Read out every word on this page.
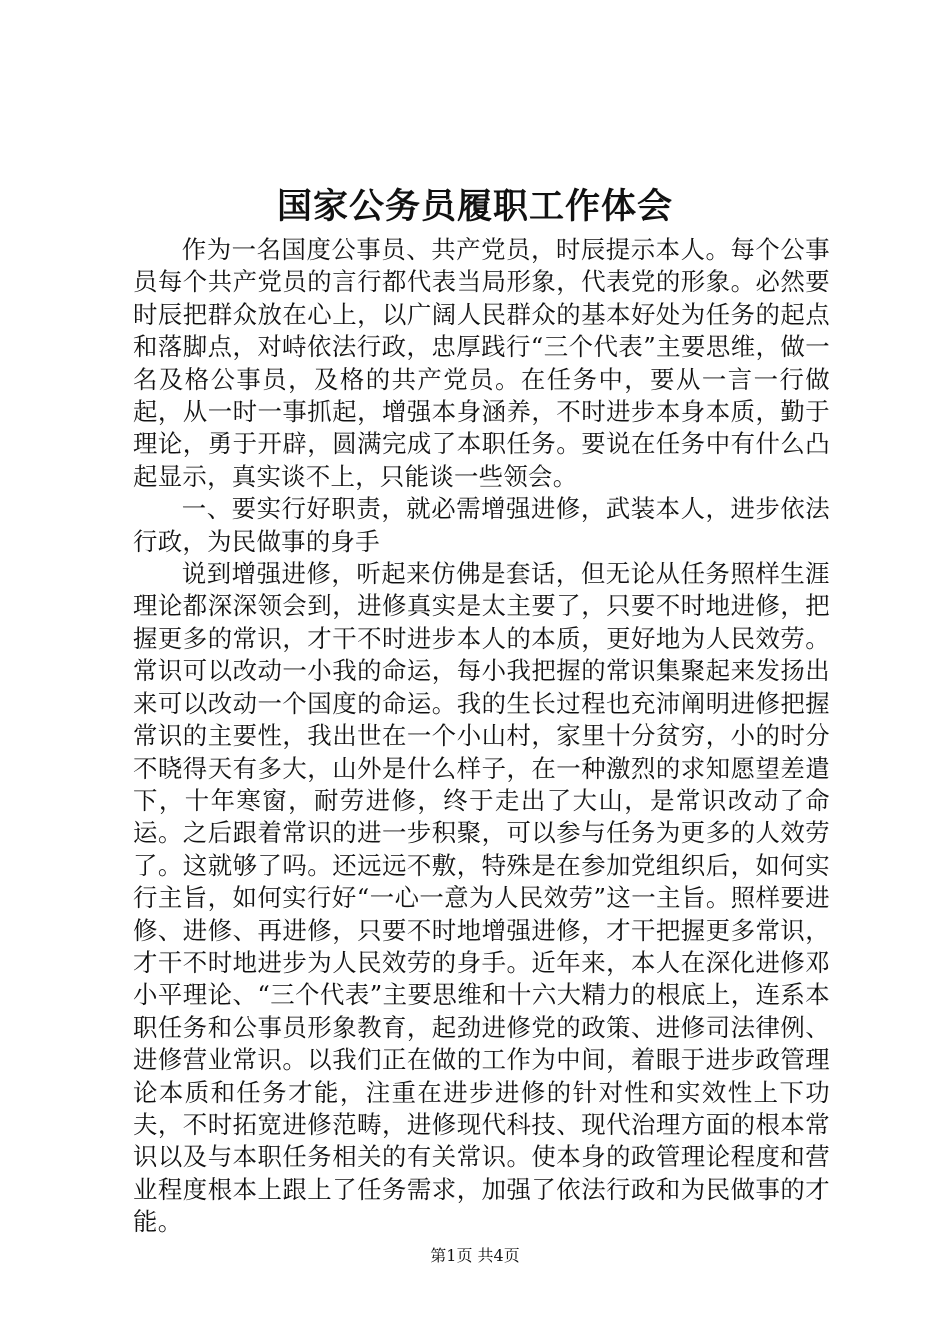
国家公务员履职工作体会

作为一名国度公事员、共产党员，时辰提示本人。每个公事员每个共产党员的言行都代表当局形象，代表党的形象。必然要时辰把群众放在心上，以广阔人民群众的基本好处为任务的起点和落脚点，对峙依法行政，忠厚践行“三个代表”主要思维，做一名及格公事员，及格的共产党员。在任务中，要从一言一行做起，从一时一事抓起，增强本身涵养，不时进步本身本质，勤于理论，勇于开辟，圆满完成了本职任务。要说在任务中有什么凸起显示，真实谈不上，只能谈一些领会。

一、要实行好职责，就必需增强进修，武装本人，进步依法行政，为民做事的身手

说到增强进修，听起来仿佛是套话，但无论从任务照样生涯理论都深深领会到，进修真实是太主要了，只要不时地进修，把握更多的常识，才干不时进步本人的本质，更好地为人民效劳。常识可以改动一小我的命运，每小我把握的常识集聚起来发扬出来可以改动一个国度的命运。我的生长过程也充沛阐明进修把握常识的主要性，我出世在一个小山村，家里十分贫穷，小的时分不晓得天有多大，山外是什么样子，在一种激烈的求知愿望差遣下，十年寒窗，耐劳进修，终于走出了大山，是常识改动了命运。之后跟着常识的进一步积聚，可以参与任务为更多的人效劳了。这就够了吗。还远远不敷，特殊是在参加党组织后，如何实行主旨，如何实行好“一心一意为人民效劳”这一主旨。照样要进修、进修、再进修，只要不时地增强进修，才干把握更多常识，才干不时地进步为人民效劳的身手。近年来，本人在深化进修邓小平理论、“三个代表”主要思维和十六大精力的根底上，连系本职任务和公事员形象教育，起劲进修党的政策、进修司法律例、进修营业常识。以我们正在做的工作为中间，着眼于进步政管理论本质和任务才能，注重在进步进修的针对性和实效性上下功夫，不时拓宽进修范畴，进修现代科技、现代治理方面的根本常识以及与本职任务相关的有关常识。使本身的政管理论程度和营业程度根本上跟上了任务需求，加强了依法行政和为民做事的才能。

第1页 共4页
